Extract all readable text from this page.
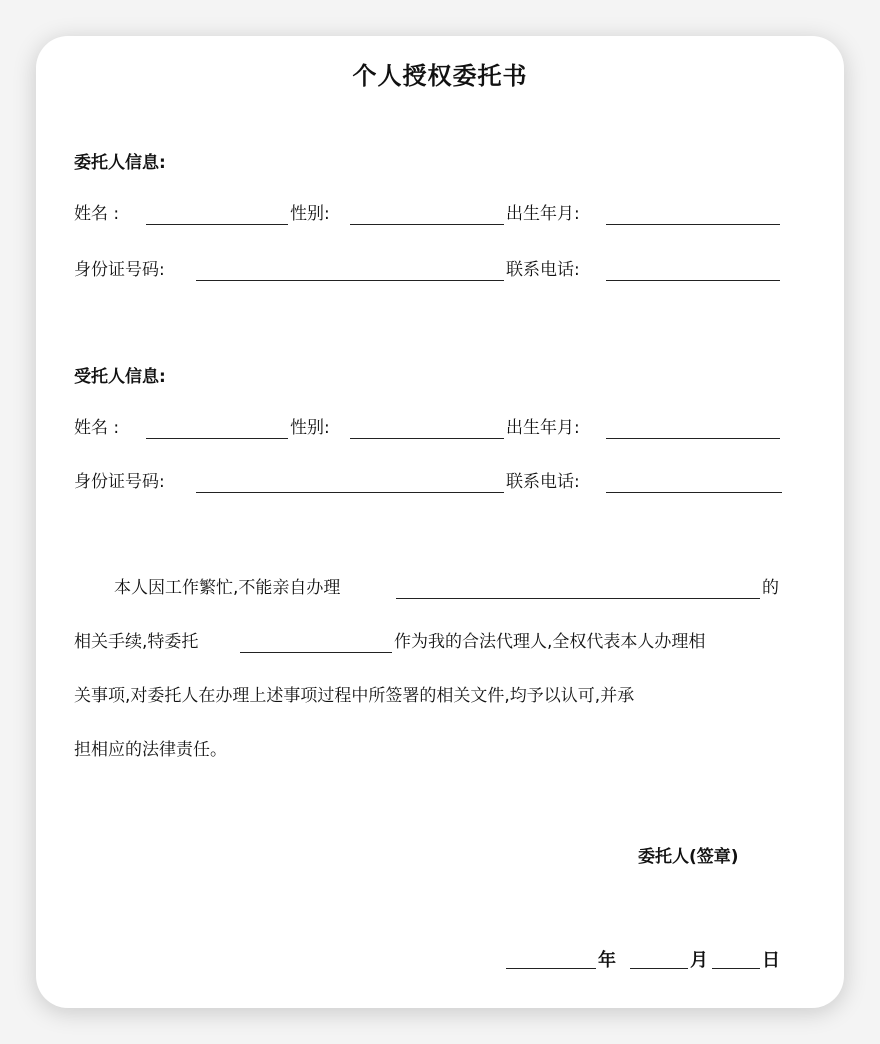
个人授权委托书
委托人信息:
姓名 :	性别:	出生年月:
身份证号码:	联系电话:
受托人信息:
姓名 :	性别:	出生年月:
身份证号码:	联系电话:
本人因工作繁忙,不能亲自办理	的
相关手续,特委托	作为我的合法代理人,全权代表本人办理相
关事项,对委托人在办理上述事项过程中所签署的相关文件,均予以认可,并承
担相应的法律责任。
委托人(签章)
年	月	日
